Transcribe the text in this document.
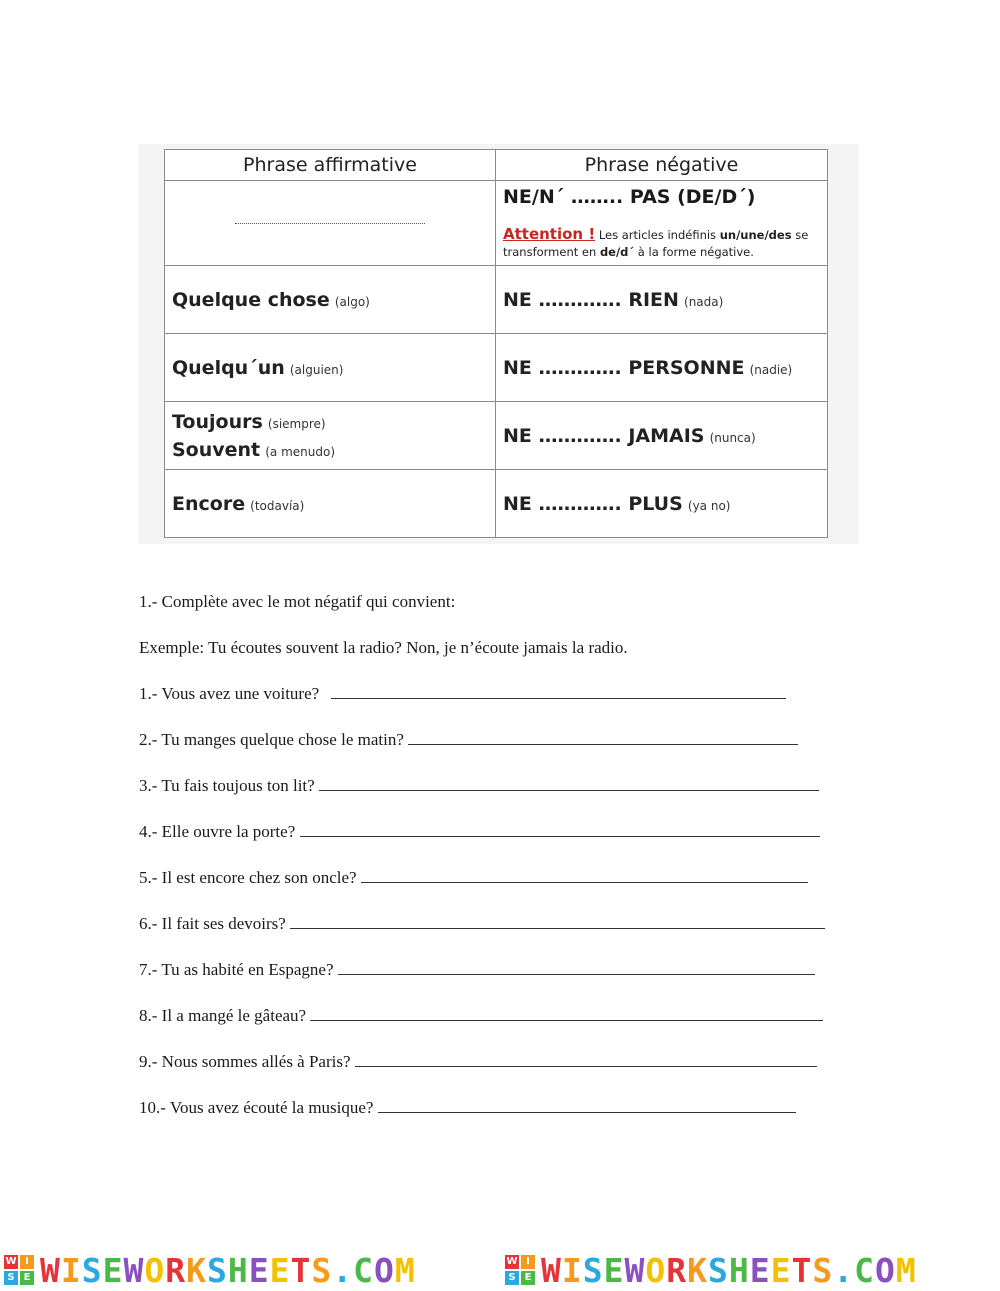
Phrase affirmative	Phrase négative

	NE/N´ …….. PAS (DE/D´)
Attention ! Les articles indéfinis un/une/des se
transforment en de/d´ à la forme négative.

Quelque chose (algo)	NE …………. RIEN (nada)
Quelqu´un (alguien)	NE …………. PERSONNE (nadie)

Toujours (siempre)
Souvent (a menudo)	NE …………. JAMAIS (nunca)
Encore (todavía)	NE …………. PLUS (ya no)
1.- Complète avec le mot négatif qui convient:
Exemple: Tu écoutes souvent la radio? Non, je n’écoute jamais la radio.
1.- Vous avez une voiture?
2.- Tu manges quelque chose le matin?
3.- Tu fais toujous ton lit?
4.- Elle ouvre la porte?
5.- Il est encore chez son oncle?
6.- Il fait ses devoirs?
7.- Tu as habité en Espagne?
8.- Il a mangé le gâteau?
9.- Nous sommes allés à Paris?
10.- Vous avez écouté la musique?
W I
S E WISEWORKSHEETS.COM	W I
S E WISEWORKSHEETS.COM
